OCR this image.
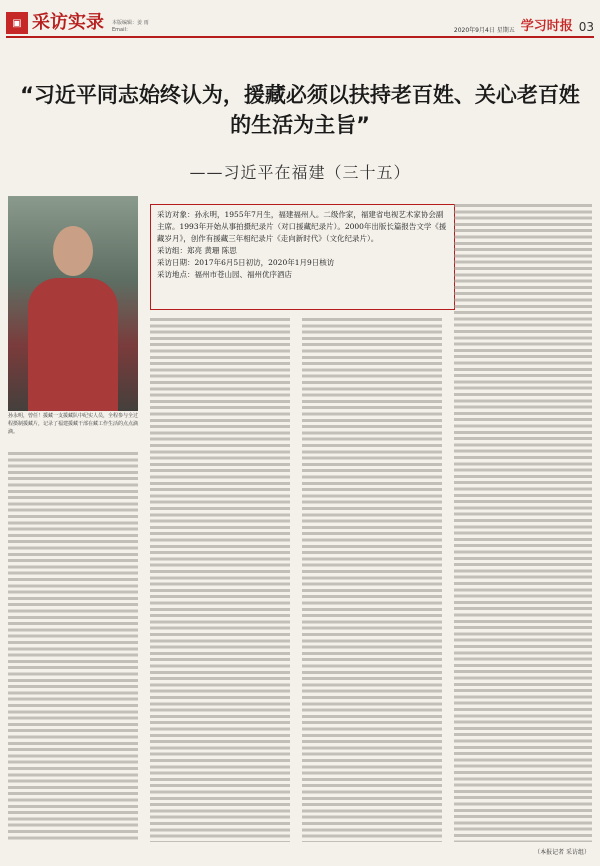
▣ 采访实录 本版编辑：姜 雨
Email：	2020年9月4日 星期五 学习时报 03
“习近平同志始终认为，援藏必须以扶持老百姓、关心老百姓的生活为主旨”
——习近平在福建（三十五）
采访对象：孙永明，1955年7月生，福建福州人。二级作家，福建省电视艺术家协会副主席。1993年开始从事拍摄纪录片（对口援藏纪录片）。2000年出版长篇报告文学《援藏岁月》，创作有援藏三年相纪录片《走向新时代》（文化纪录片）。
采访组：郑亮 黄珊 陈思
采访日期：2017年6月5日初访，2020年1月9日核访
采访地点：福州市苍山园、福州优序酒店
孙永明，曾任！援藏一支援藏队中纪实人员，全程参与全过程摄制援藏片，记录了福建援藏干部在藏工作生活的点点滴滴。
（本报记者 采访组）
